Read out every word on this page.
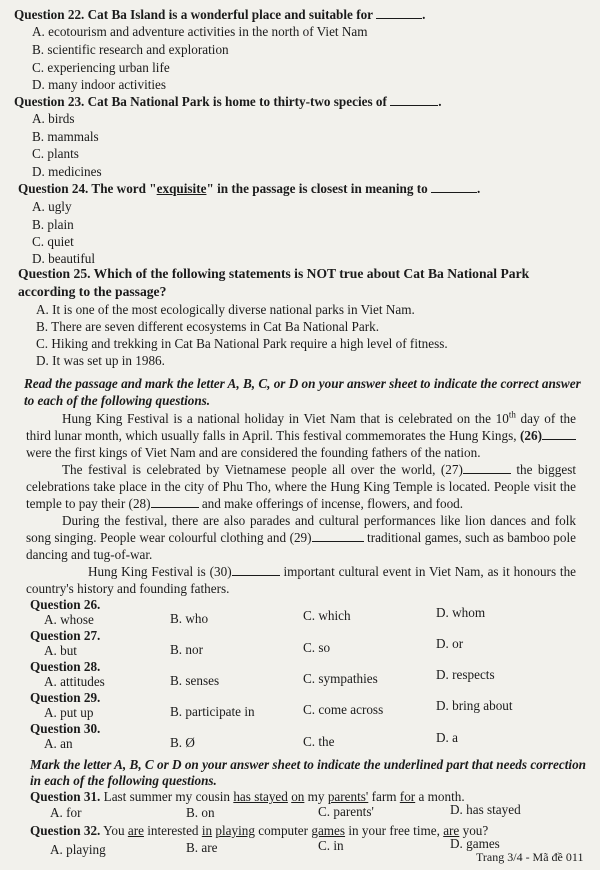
Question 22. Cat Ba Island is a wonderful place and suitable for	.
A. ecotourism and adventure activities in the north of Viet Nam
B. scientific research and exploration
C. experiencing urban life
D. many indoor activities
Question 23. Cat Ba National Park is home to thirty-two species of	.
A. birds
B. mammals
C. plants
D. medicines
Question 24. The word "exquisite" in the passage is closest in meaning to	.
A. ugly
B. plain
C. quiet
D. beautiful
Question 25. Which of the following statements is NOT true about Cat Ba National Park
according to the passage?
A. It is one of the most ecologically diverse national parks in Viet Nam.
B. There are seven different ecosystems in Cat Ba National Park.
C. Hiking and trekking in Cat Ba National Park require a high level of fitness.
D. It was set up in 1986.
Read the passage and mark the letter A, B, C, or D on your answer sheet to indicate the correct answer
to each of the following questions.
Hung King Festival is a national holiday in Viet Nam that is celebrated on the 10th day of the third lunar month, which usually falls in April. This festival commemorates the Hung Kings, (26) were the first kings of Viet Nam and are considered the founding fathers of the nation.
The festival is celebrated by Vietnamese people all over the world, (27)	the biggest celebrations take place in the city of Phu Tho, where the Hung King Temple is located. People visit the temple to pay their (28)	and make offerings of incense, flowers, and food.
During the festival, there are also parades and cultural performances like lion dances and folk song singing. People wear colourful clothing and (29)	traditional games, such as bamboo pole dancing and tug-of-war.
Hung King Festival is (30)	important cultural event in Viet Nam, as it honours the country's history and founding fathers.
Question 26.
A. whose	B. who	C. which	D. whom
Question 27.
A. but	B. nor	C. so	D. or
Question 28.
A. attitudes	B. senses	C. sympathies	D. respects
Question 29.
A. put up	B. participate in	C. come across	D. bring about
Question 30.
A. an	B. Ø	C. the	D. a
Mark the letter A, B, C or D on your answer sheet to indicate the underlined part that needs correction
in each of the following questions.
Question 31. Last summer my cousin has stayed on my parents' farm for a month.
A. for	B. on	C. parents'	D. has stayed
Question 32. You are interested in playing computer games in your free time, are you?
A. playing	B. are	C. in	D. games
Trang 3/4 - Mã đề 011
